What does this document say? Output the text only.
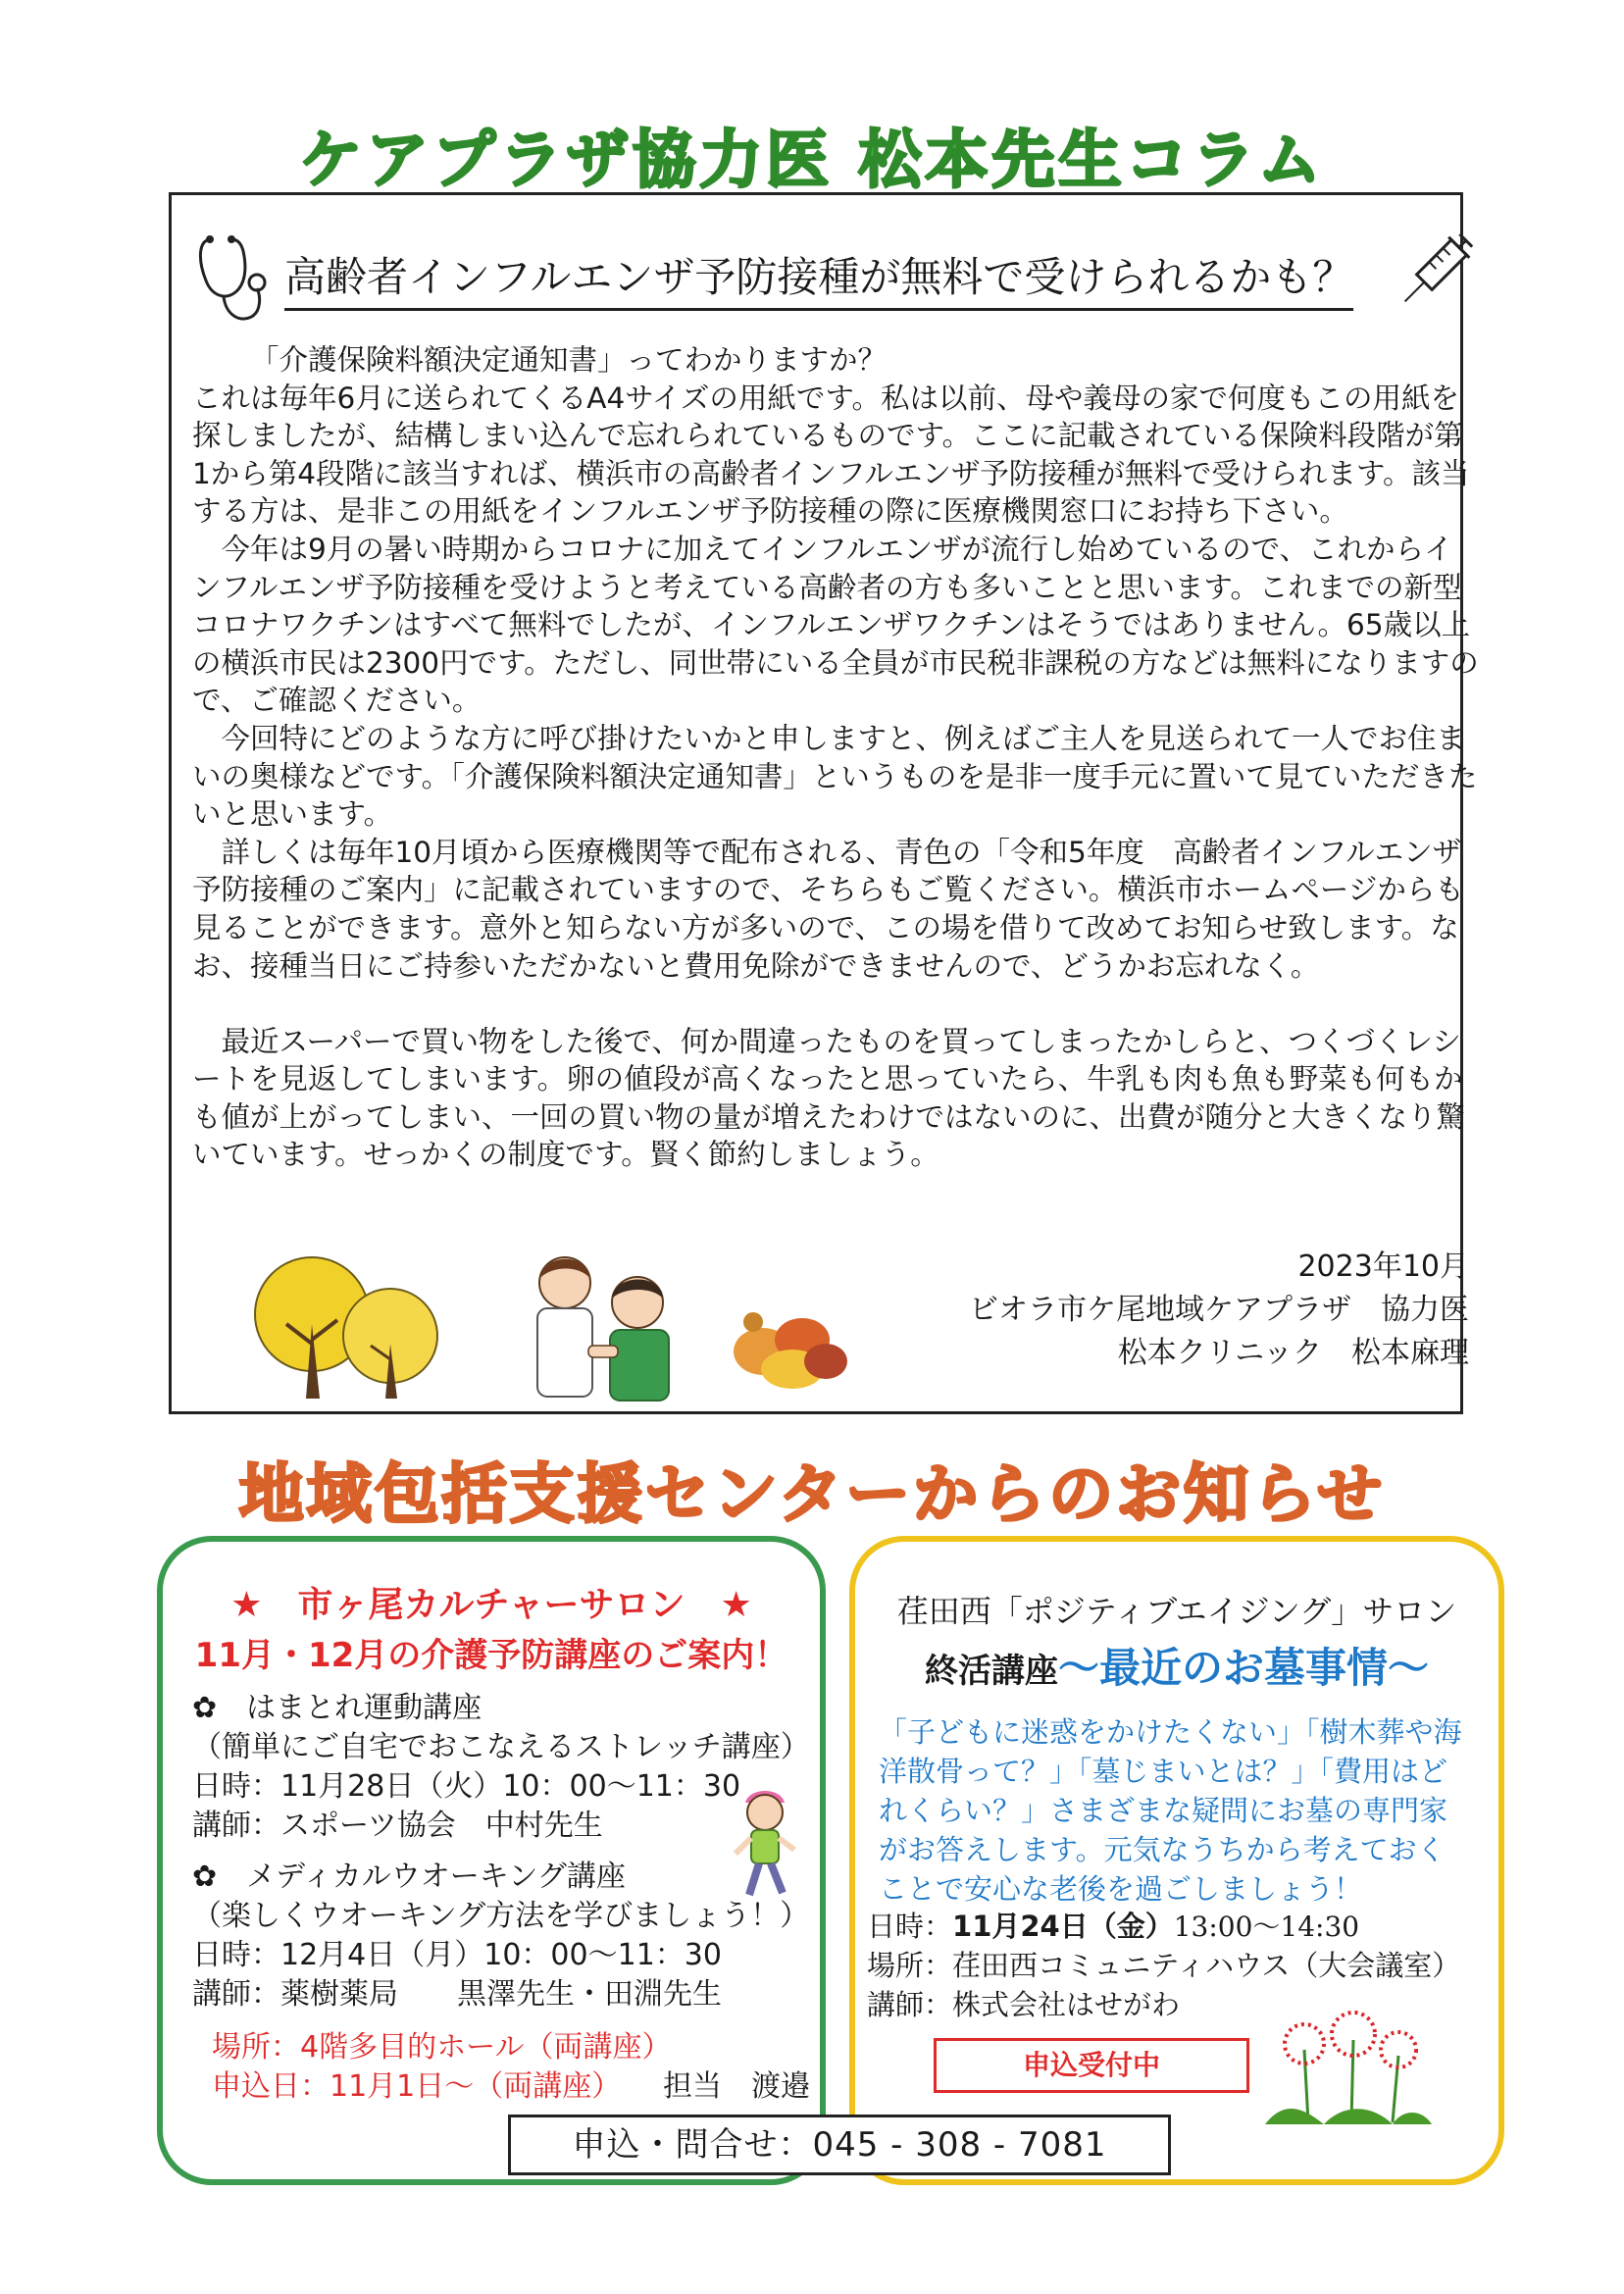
ケアプラザ協力医 松本先生コラム
高齢者インフルエンザ予防接種が無料で受けられるかも？

「介護保険料額決定通知書」ってわかりますか？

これは毎年6月に送られてくるA4サイズの用紙です。私は以前、母や義母の家で何度もこの用紙を探しましたが、結構しまい込んで忘れられているものです。ここに記載されている保険料段階が第1から第4段階に該当すれば、横浜市の高齢者インフルエンザ予防接種が無料で受けられます。該当する方は、是非この用紙をインフルエンザ予防接種の際に医療機関窓口にお持ち下さい。

今年は9月の暑い時期からコロナに加えてインフルエンザが流行し始めているので、これからインフルエンザ予防接種を受けようと考えている高齢者の方も多いことと思います。これまでの新型コロナワクチンはすべて無料でしたが、インフルエンザワクチンはそうではありません。65歳以上の横浜市民は2300円です。ただし、同世帯にいる全員が市民税非課税の方などは無料になりますので、ご確認ください。

今回特にどのような方に呼び掛けたいかと申しますと、例えばご主人を見送られて一人でお住まいの奥様などです。「介護保険料額決定通知書」というものを是非一度手元に置いて見ていただきたいと思います。

詳しくは毎年10月頃から医療機関等で配布される、青色の「令和5年度　高齢者インフルエンザ予防接種のご案内」に記載されていますので、そちらもご覧ください。横浜市ホームページからも見ることができます。意外と知らない方が多いので、この場を借りて改めてお知らせ致します。なお、接種当日にご持参いただかないと費用免除ができませんので、どうかお忘れなく。

最近スーパーで買い物をした後で、何か間違ったものを買ってしまったかしらと、つくづくレシートを見返してしまいます。卵の値段が高くなったと思っていたら、牛乳も肉も魚も野菜も何もかも値が上がってしまい、一回の買い物の量が増えたわけではないのに、出費が随分と大きくなり驚いています。せっかくの制度です。賢く節約しましょう。

2023年10月
ビオラ市ケ尾地域ケアプラザ　協力医
松本クリニック　松本麻理
地域包括支援センターからのお知らせ
★　市ヶ尾カルチャーサロン　★
11月・12月の介護予防講座のご案内！
✿　はまとれ運動講座
（簡単にご自宅でおこなえるストレッチ講座）
日時：11月28日（火）10：00～11：30
講師：スポーツ協会　中村先生
✿　メディカルウオーキング講座
（楽しくウオーキング方法を学びましょう！）
日時：12月4日（月）10：00～11：30
講師：薬樹薬局　　黒澤先生・田淵先生
場所：4階多目的ホール（両講座）
申込日：11月1日～（両講座） 担当　渡邉
荏田西「ポジティブエイジング」サロン
終活講座～最近のお墓事情～
「子どもに迷惑をかけたくない」「樹木葬や海洋散骨って？」「墓じまいとは？」「費用はどれくらい？」さまざまな疑問にお墓の専門家がお答えします。元気なうちから考えておくことで安心な老後を過ごしましょう！
日時：11月24日（金）13:00～14:30
場所：荏田西コミュニティハウス（大会議室）
講師：株式会社はせがわ
申込受付中
申込・問合せ：045 - 308 - 7081
